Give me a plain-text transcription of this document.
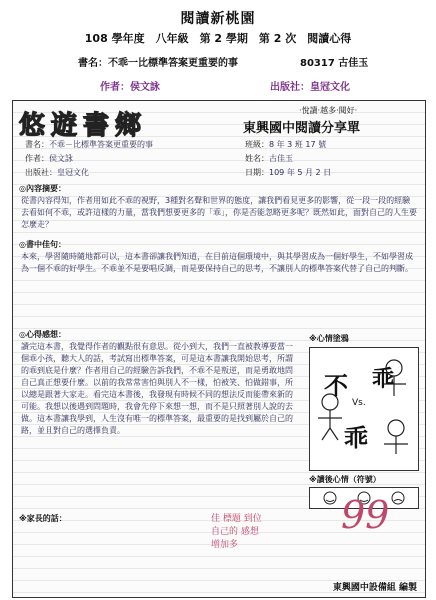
閱讀新桃園
108 學年度　八年級　第 2 學期　第 2 次　閱讀心得
書名：不乖一比標準答案更重要的事	80317 古佳玉
作者：侯文詠	出版社：皇冠文化
悠遊書鄉
‧悅讀‧越多‧閱好‧
東興國中閱讀分享單
書名：不乖－比標準答案更重要的事
作者：侯文詠
出版社：皇冠文化
班級：8 年 3 班 17 號
姓名：古佳玉
日期：109 年 5 月 2 日
◎內容摘要：
從書內容得知，作者用如此不乖的視野，3種對名聲和世界的態度，讓我們看見更多的影響，從一段一段的經驗去看如何不乖，或許這樣的力量，當我們想要更多的「乖」，你是否能忽略更多呢？既然如此，面對自己的人生要怎麼走？
◎書中佳句：
本來，學習隨時隨地都可以，這本書卻讓我們知道，在目前這個環境中，與其學習成為一個好學生，不如學習成為一個不乖的好學生。不乖並不是要唱反調，而是要保持自己的思考，不讓別人的標準答案代替了自己的判斷。
◎心得感想：
讀完這本書，我覺得作者的觀點很有意思。從小到大，我們一直被教導要當一個乖小孩，聽大人的話，考試寫出標準答案，可是這本書讓我開始思考，所謂的乖到底是什麼？作者用自己的經驗告訴我們，不乖不是叛逆，而是勇敢地問自己真正想要什麼。以前的我常常害怕與別人不一樣，怕被笑、怕做錯事，所以總是跟著大家走。看完這本書後，我發現有時候不同的想法反而能帶來新的可能。我想以後遇到問題時，我會先停下來想一想，而不是只照著別人說的去做。這本書讓我學到，人生沒有唯一的標準答案，最重要的是找到屬於自己的路，並且對自己的選擇負責。
※心情塗鴉
不
Vs.
乖
乖
※讀後心情（符號）
※家長的話：	佳 標題 到位
自己的 感想
增加多
99
東興國中設備組 編製
